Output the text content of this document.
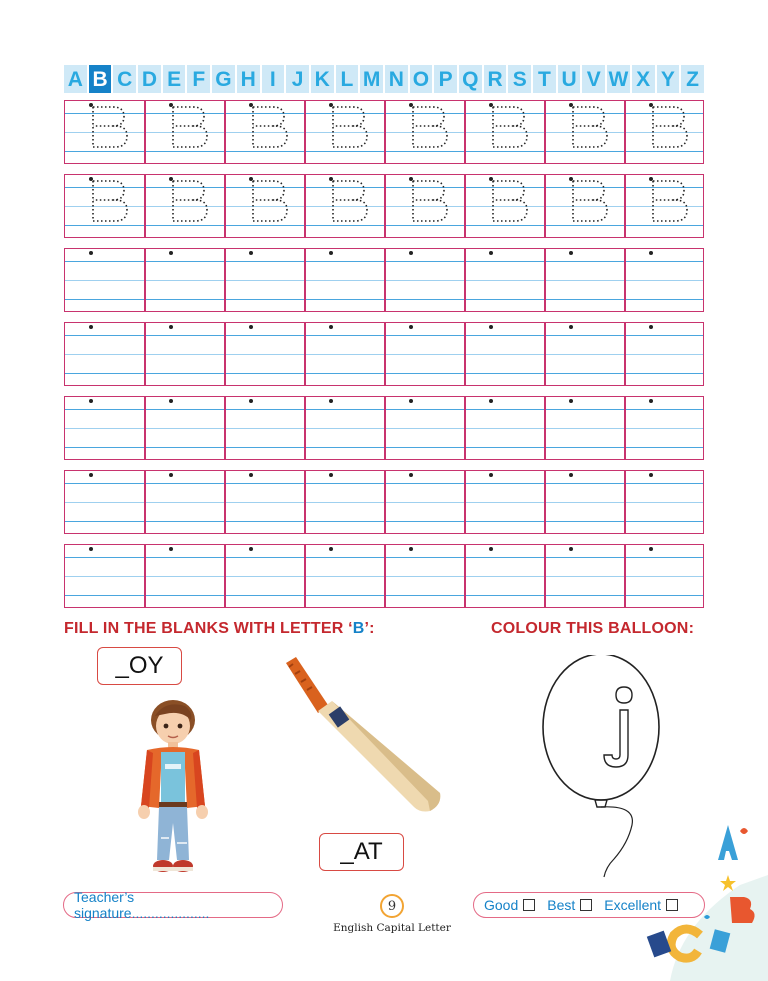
A B C D E F G H I J K L M N O P Q R S T U V W X Y Z
FILL IN THE BLANKS WITH LETTER ‘B’:	COLOUR THIS BALLOON:
_OY
_AT
Teacher’s signature....................	9
English Capital Letter
Good Best Excellent
